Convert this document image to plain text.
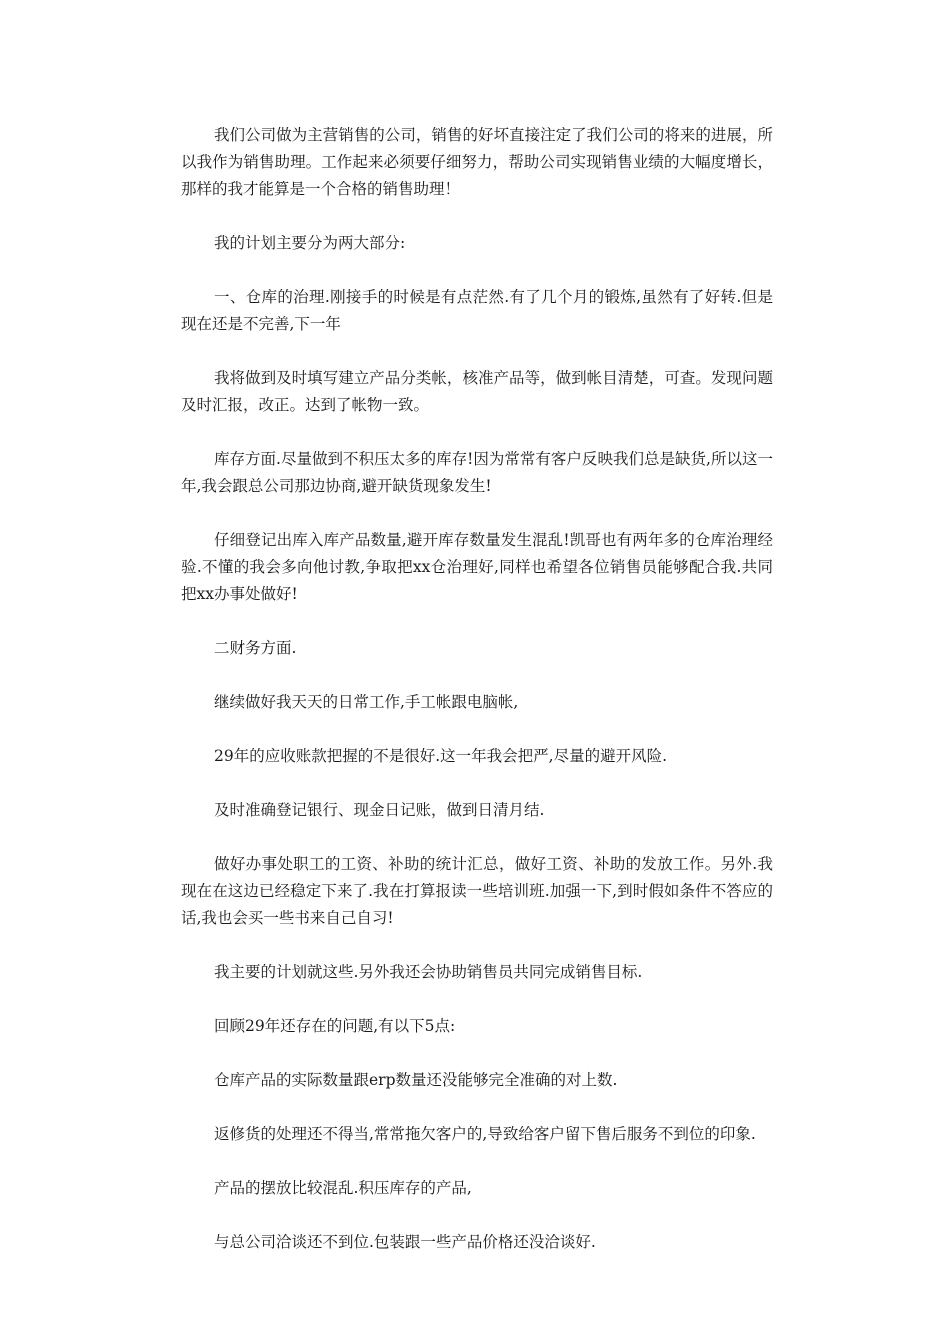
我们公司做为主营销售的公司，销售的好坏直接注定了我们公司的将来的进展，所以我作为销售助理。工作起来必须要仔细努力，帮助公司实现销售业绩的大幅度增长，那样的我才能算是一个合格的销售助理！

我的计划主要分为两大部分:

一、仓库的治理.刚接手的时候是有点茫然.有了几个月的锻炼,虽然有了好转.但是现在还是不完善,下一年

我将做到及时填写建立产品分类帐，核准产品等，做到帐目清楚，可查。发现问题及时汇报，改正。达到了帐物一致。

库存方面.尽量做到不积压太多的库存!因为常常有客户反映我们总是缺货,所以这一年,我会跟总公司那边协商,避开缺货现象发生!

仔细登记出库入库产品数量,避开库存数量发生混乱!凯哥也有两年多的仓库治理经验.不懂的我会多向他讨教,争取把xx仓治理好,同样也希望各位销售员能够配合我.共同把xx办事处做好!

二财务方面.

继续做好我天天的日常工作,手工帐跟电脑帐,

29年的应收账款把握的不是很好.这一年我会把严,尽量的避开风险.

及时准确登记银行、现金日记账，做到日清月结.

做好办事处职工的工资、补助的统计汇总，做好工资、补助的发放工作。另外.我现在在这边已经稳定下来了.我在打算报读一些培训班.加强一下,到时假如条件不答应的话,我也会买一些书来自己自习!

我主要的计划就这些.另外我还会协助销售员共同完成销售目标.

回顾29年还存在的问题,有以下5点:

仓库产品的实际数量跟erp数量还没能够完全准确的对上数.

返修货的处理还不得当,常常拖欠客户的,导致给客户留下售后服务不到位的印象.

产品的摆放比较混乱.积压库存的产品,

与总公司洽谈还不到位.包装跟一些产品价格还没洽谈好.
